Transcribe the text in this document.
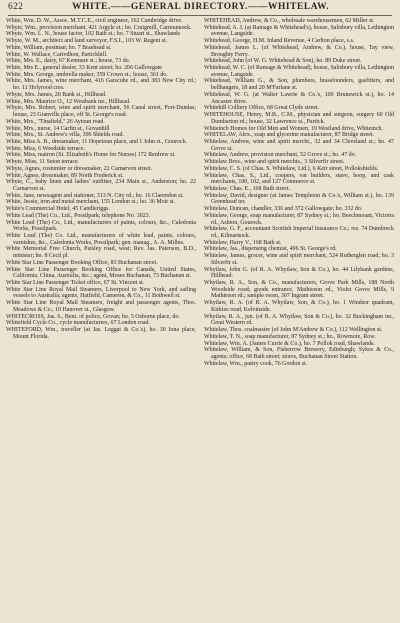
622	WHITE.——GENERAL DIRECTORY.——WHITELAW.

White, Wm. D. W., Assoc. M.T.C.E., civil engineer, 162 Cambridge drive.

Whyte, Wm., provision merchant, 421 Argyle st.; ho. Craigmill, Carmunnock.

Whyte, Wm. L. N., house factor, 102 Bath st.; ho. 7 Stuart st., Shawlands

Whyte, W. M., architect and land surveyor, F.S.I., 103 W. Regent st.

White, William, postman; ho. 7 Braehead st.

White, W. Wallace, Cartvdhon, Partickhill.

White, Mrs. E., dairy, 67 Kenmure st.; house, 73 do.

White, Mrs E., general dealer, 33 Kent street; ho. 206 Gallowgate

White, Mrs. George, umbrella maker, 359 Crown st.; house, 361 do.

White, Mrs. James, wine merchant, 416 Garscube rd., and 383 New City rd.; ho. 11 Holyrood cres.

Whyte, Mrs. James, 20 Bank st., Hillhead.

White, Mrs. Maurice O., 12 Westbank ter., Hillhead.

Whyte, Mrs. Robert, wine and spirit merchant, 56 Canal street, Port-Dundas; house, 23 Granville place, off St. George's road.

White, Mrs., "Tinafield," 26 Aytoun road.

White, Mrs., nurse, 14 Carfin st., Govanhill

White, Mrs., St. Andrew's villa, 396 Shields road.

White, Miss A. B., dressmaker, 11 Hopetoun place, and 1 John st., Gourock.

White, Miss, 6 Woodside terrace.

White, Miss, matron (St. Elizabeth's Home for Nurses) 172 Renfrew st.

Whyte, Miss, 11 Seton terrace.

Whyte, Agnes, costumier or dressmaker, 22 Carnarvon street.

White, Agnes, dressmaker, 89 North Frederick st.

Whyte, C., baby linen and ladies' outfitter, 234 Main st., Anderston; ho. 22 Carnarvon st.

White, Jane, newsagent and stationer, 313 N. City rd.; ho. 16 Clarendon st.

White, Jessie, iron and metal merchant, 155 London st.; ho. 36 Moir st.

White's Commercial Hotel, 45 Candleriggs.

White Lead (The) Co., Ltd., Possilpark; telephone No. 3023.

White Lead (The) Co., Ltd., manufacturers of paints, colours, &c., Caledonia Works, Possilpark.

White Lead (The) Co. Ltd., manufacturers of white lead, paints, colours, varnishes, &c., Caledonia Works, Possilpark; gen. manag., A. A. Millns.

White Memorial Free Church, Paisley road, west; Rev. Jas. Paterson, B.D., minister; ho. 8 Cecil pl.

White Star Line Passenger Booking Office, 83 Buchanan street.

White Star Line Passenger Booking Office for Canada, United States, California, China, Australia, &c.; agent, Moses Buchanan, 73 Buchanan st.

White Star Line Passenger Ticket office, 67 St. Vincent st.

White Star Line Royal Mail Steamers, Liverpool to New York, and sailing vessels to Australia; agents, Hatfield, Cameron, & Co., 11 Bothwell st.

White Star Line Royal Mail Steamers, freight and passenger agents, Thos. Meadows & Co., 10 Hanover st., Glasgow.

WHITECROSS, Jas. S., Bent. of police, Govan; ho. 5 Osborne place, do.

Whitefield Cycle Co., cycle manufacturers, 67 London road.

WHITEFORD, Wm., traveller (at Jas. Leggat & Co.'s), ho. 30 Iona place, Mount Florida.

WHITEHEAD, Andrew, & Co., wholesale warehousemen, 62 Miller st.

Whitehead, A. J. (at Ramage & Whitehead's), house, Salisbury villa, Lethington avenue, Langside.

Whitehead, George, H.M. Inland Revenue, 4 Carlton place, s.s.

Whitehead, James L. (of Whitehead, Andrew, & Co.), house, Tay view, Broughty Ferry.

Whitehead, John (of W. G. Whitehead & Son), ho. 89 Duke street.

Whitehead, W. C. (of Ramage & Whitehead), house, Salisbury villa, Lethington avenue, Langside.

Whitehead, William G., & Son, plumbers, brassfounders, gasfitters, and bellhangers, 18 and 20 M'Farlane st.

Whitehead, W. G. (at Walter Lawrie & Co.'s, 100 Brunswick st.), ho. 14 Ancaster drive.

Whitehill Colliery Office, 68 Great Clyde street.

WHITEHOUSE, Henry, M.B., C.M., physician and surgeon, surgery 60 Old Dumbarton rd.; house, 32 Lawrence st., Partick.

Whiteinch Homes for Old Men and Women, 19 Westland drive, Whiteinch.

WHITELAW, Alex., soap and glycerine manufacturer, 87 Bridge street.

Whitelaw, Andrew, wine and spirit mercht., 32 and 34 Cleveland st.; ho. 47 Grove st.

Whitelaw, Andrew, provision merchant, 52 Grove st.; ho. 47 do.

Whitelaw Bros., wine and spirit merchts., 3 Silverfir street.

Whitelaw, C. S. (of Chas. S. Whitelaw, Ltd.), 6 Keir street, Pollokshields.

Whitelaw, Chas. S., Ltd., coopers, vat builders, stave, hoop, and cask merchants, 100, 102, and 127 Commerce st.

Whitelaw, Chas. E., 168 Bath street.

Whitelaw, David, designer (at James Templeton & Co.'s, William st.), ho. 139 Greenhead ter.

Whitelaw, Duncan, chandler, 336 and 372 Gallowgate; ho. 332 do.

Whitelaw, George, soap manufacturer, 87 Sydney st.; ho. Beechmount, Victoria rd., Ashton, Gourock.

Whitelaw, G. F., accountant Scottish Imperial Insurance Co.; res. 74 Dumbreck rd., Kilmarnock.

Whitelaw, Harry V., 168 Bath st.

Whitelaw, Jas., dispensing chemist, 496 St. George's rd.

Whitelaw, James, grocer, wine and spirit merchant, 524 Rutherglen road; ho. 3 Silverfir st.

Whytlaw, John G. (of R. A. Whytlaw, Son & Co.), ho. 44 Lilybank gardens, Hillhead.

Whytlaw, R. A., Son, & Co., manufacturers, Grove Park Mills, 188 North Woodside road; goods entrance, Mathieson rd., Violet Grove Mills, 9 Mathieson rd.; sample room, 307 Ingram street.

Whytlaw, R. A. (of R. A. Whytlaw, Son, & Co.), ho. 1 Windsor quadrant, Kirklee road, Kelvinside.

Whytlaw, R. A., jun. (of R. A. Whytlaw, Son & Co.), ho. 32 Buckingham ter., Great Western rd.

Whitelaw, Thos. coalmaster (of John M'Andrew & Co.), 112 Wellington st.

Whitelaw, T. N., soap manufacturer, 87 Sydney st.; ho., Rowmore, Row.

Whitelaw, Wm. A. (James Currie & Co.), ho. 7 Pollok road, Shawlands.

Whitelaw, William, & Son, Fisherrow Brewery, Edinburgh; Sykes & Co., agents; office, 68 Bath street; stores, Buchanan Street Station.

Whitelaw, Wm., pastry cook, 76 Gordon st.
